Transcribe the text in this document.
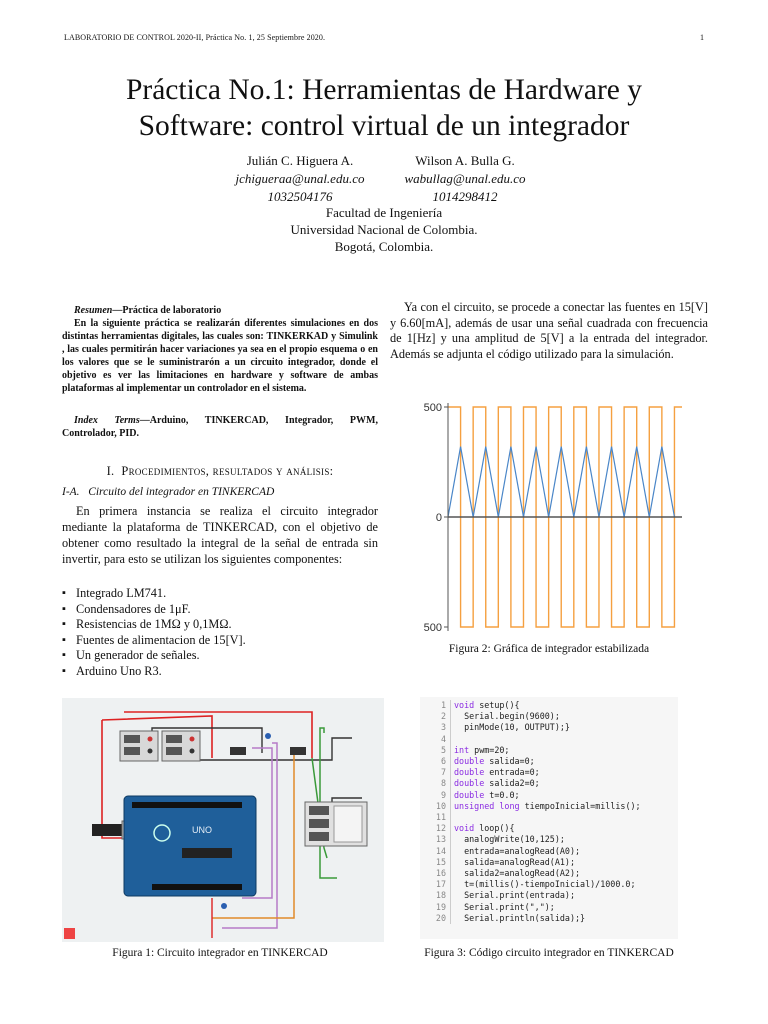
LABORATORIO DE CONTROL 2020-II, Práctica No. 1, 25 Septiembre 2020.	1
Práctica No.1: Herramientas de Hardware y
Software: control virtual de un integrador
Julián C. Higuera A.
jchigueraa@unal.edu.co
1032504176
Wilson A. Bulla G.
wabullag@unal.edu.co
1014298412
Facultad de Ingeniería
Universidad Nacional de Colombia.
Bogotá, Colombia.

Resumen—Práctica de laboratorio

En la siguiente práctica se realizarán diferentes simulaciones en dos distintas herramientas digitales, las cuales son: TINKERKAD y Simulink , las cuales permitirán hacer variaciones ya sea en el propio esquema o en los valores que se le suministrarón a un circuito integrador, donde el objetivo es ver las limitaciones en hardware y software de ambas plataformas al implementar un controlador en el sistema.

Index Terms—Arduino, TINKERCAD, Integrador, PWM, Controlador, PID.
I. Procedimientos, resultados y análisis:
I-A. Circuito del integrador en TINKERCAD
En primera instancia se realiza el circuito integrador mediante la plataforma de TINKERCAD, con el objetivo de obtener como resultado la integral de la señal de entrada sin invertir, para esto se utilizan los siguientes componentes:
▪ Integrado LM741.
▪ Condensadores de 1μF.
▪ Resistencias de 1MΩ y 0,1MΩ.
▪ Fuentes de alimentacion de 15[V].
▪ Un generador de señales.
▪ Arduino Uno R3.
UNO
Figura 1: Circuito integrador en TINKERCAD
Ya con el circuito, se procede a conectar las fuentes en 15[V] y 6.60[mA], además de usar una señal cuadrada con frecuencia de 1[Hz] y una amplitud de 5[V] a la entrada del integrador. Además se adjunta el código utilizado para la simulación.
500
0
500
Figura 2: Gráfica de integrador estabilizada
1
2
3
4
5
6
7
8
9
10
11
12
13
14
15
16
17
18
19
20
void setup(){
Serial.begin(9600);
pinMode(10, OUTPUT);}

int pwm=20;
double salida=0;
double entrada=0;
double salida2=0;
double t=0.0;
unsigned long tiempoInicial=millis();

void loop(){
analogWrite(10,125);
entrada=analogRead(A0);
salida=analogRead(A1);
salida2=analogRead(A2);
t=(millis()-tiempoInicial)/1000.0;
Serial.print(entrada);
Serial.print(",");
Serial.println(salida);}
Figura 3: Código circuito integrador en TINKERCAD
